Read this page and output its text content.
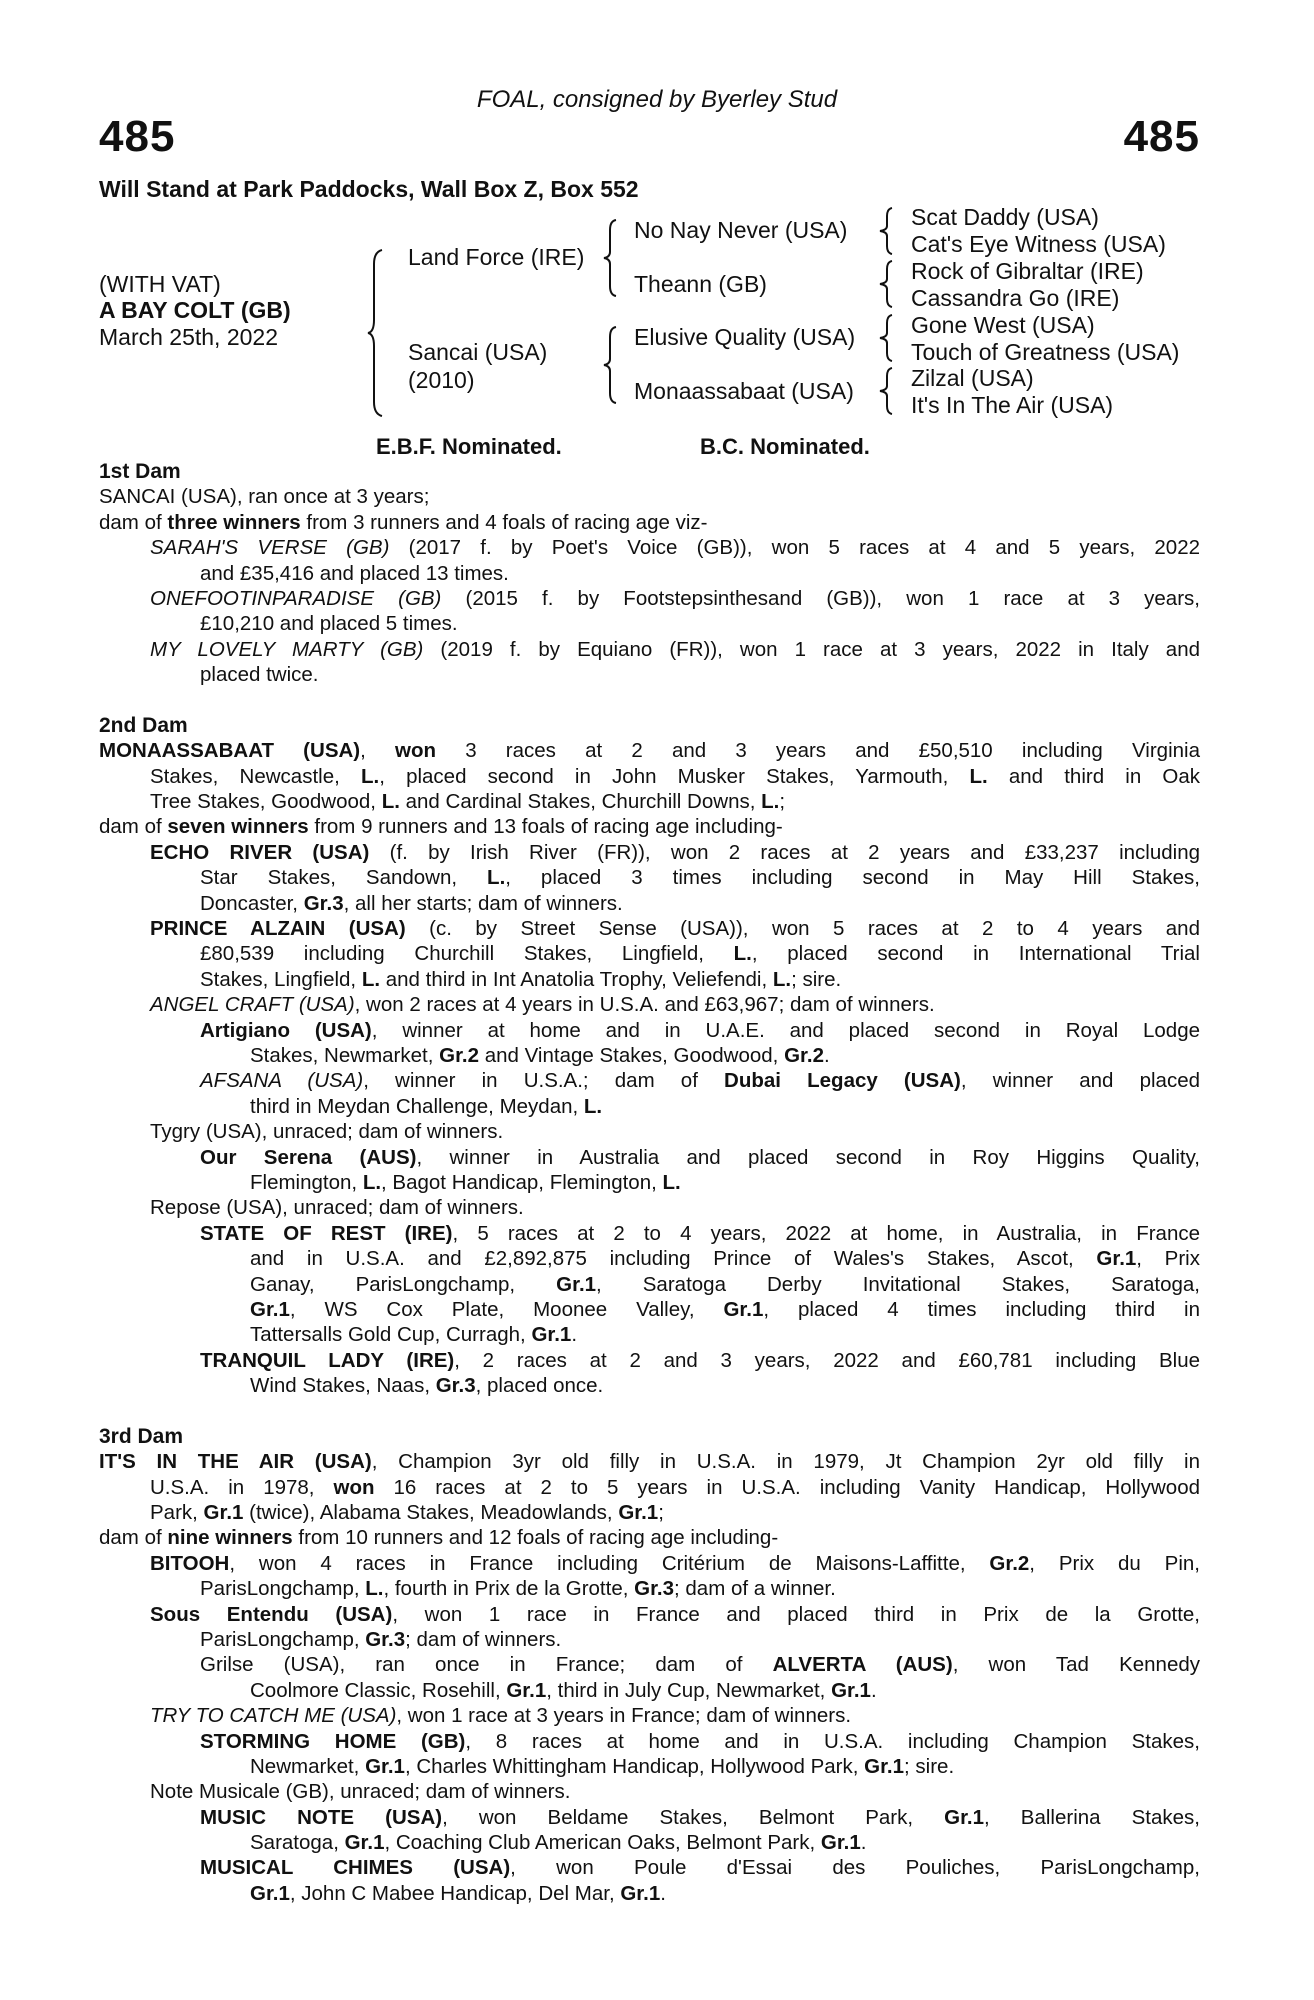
FOAL, consigned by Byerley Stud
485	485
Will Stand at Park Paddocks, Wall Box Z, Box 552
(WITH VAT)
A BAY COLT (GB)
March 25th, 2022
Land Force (IRE)
Sancai (USA)
(2010)
No Nay Never (USA)
Theann (GB)
Elusive Quality (USA)
Monaassabaat (USA)
Scat Daddy (USA)
Cat's Eye Witness (USA)
Rock of Gibraltar (IRE)
Cassandra Go (IRE)
Gone West (USA)
Touch of Greatness (USA)
Zilzal (USA)
It's In The Air (USA)
E.B.F. Nominated.	B.C. Nominated.
1st Dam
SANCAI (USA), ran once at 3 years;
dam of three winners from 3 runners and 4 foals of racing age viz-
SARAH'S VERSE (GB) (2017 f. by Poet's Voice (GB)), won 5 races at 4 and 5 years, 2022
and £35,416 and placed 13 times.
ONEFOOTINPARADISE (GB) (2015 f. by Footstepsinthesand (GB)), won 1 race at 3 years,
£10,210 and placed 5 times.
MY LOVELY MARTY (GB) (2019 f. by Equiano (FR)), won 1 race at 3 years, 2022 in Italy and
placed twice.
2nd Dam
MONAASSABAAT (USA), won 3 races at 2 and 3 years and £50,510 including Virginia
Stakes, Newcastle, L., placed second in John Musker Stakes, Yarmouth, L. and third in Oak
Tree Stakes, Goodwood, L. and Cardinal Stakes, Churchill Downs, L.;
dam of seven winners from 9 runners and 13 foals of racing age including-
ECHO RIVER (USA) (f. by Irish River (FR)), won 2 races at 2 years and £33,237 including
Star Stakes, Sandown, L., placed 3 times including second in May Hill Stakes,
Doncaster, Gr.3, all her starts; dam of winners.
PRINCE ALZAIN (USA) (c. by Street Sense (USA)), won 5 races at 2 to 4 years and
£80,539 including Churchill Stakes, Lingfield, L., placed second in International Trial
Stakes, Lingfield, L. and third in Int Anatolia Trophy, Veliefendi, L.; sire.
ANGEL CRAFT (USA), won 2 races at 4 years in U.S.A. and £63,967; dam of winners.
Artigiano (USA), winner at home and in U.A.E. and placed second in Royal Lodge
Stakes, Newmarket, Gr.2 and Vintage Stakes, Goodwood, Gr.2.
AFSANA (USA), winner in U.S.A.; dam of Dubai Legacy (USA), winner and placed
third in Meydan Challenge, Meydan, L.
Tygry (USA), unraced; dam of winners.
Our Serena (AUS), winner in Australia and placed second in Roy Higgins Quality,
Flemington, L., Bagot Handicap, Flemington, L.
Repose (USA), unraced; dam of winners.
STATE OF REST (IRE), 5 races at 2 to 4 years, 2022 at home, in Australia, in France
and in U.S.A. and £2,892,875 including Prince of Wales's Stakes, Ascot, Gr.1, Prix
Ganay, ParisLongchamp, Gr.1, Saratoga Derby Invitational Stakes, Saratoga,
Gr.1, WS Cox Plate, Moonee Valley, Gr.1, placed 4 times including third in
Tattersalls Gold Cup, Curragh, Gr.1.
TRANQUIL LADY (IRE), 2 races at 2 and 3 years, 2022 and £60,781 including Blue
Wind Stakes, Naas, Gr.3, placed once.
3rd Dam
IT'S IN THE AIR (USA), Champion 3yr old filly in U.S.A. in 1979, Jt Champion 2yr old filly in
U.S.A. in 1978, won 16 races at 2 to 5 years in U.S.A. including Vanity Handicap, Hollywood
Park, Gr.1 (twice), Alabama Stakes, Meadowlands, Gr.1;
dam of nine winners from 10 runners and 12 foals of racing age including-
BITOOH, won 4 races in France including Critérium de Maisons-Laffitte, Gr.2, Prix du Pin,
ParisLongchamp, L., fourth in Prix de la Grotte, Gr.3; dam of a winner.
Sous Entendu (USA), won 1 race in France and placed third in Prix de la Grotte,
ParisLongchamp, Gr.3; dam of winners.
Grilse (USA), ran once in France; dam of ALVERTA (AUS), won Tad Kennedy
Coolmore Classic, Rosehill, Gr.1, third in July Cup, Newmarket, Gr.1.
TRY TO CATCH ME (USA), won 1 race at 3 years in France; dam of winners.
STORMING HOME (GB), 8 races at home and in U.S.A. including Champion Stakes,
Newmarket, Gr.1, Charles Whittingham Handicap, Hollywood Park, Gr.1; sire.
Note Musicale (GB), unraced; dam of winners.
MUSIC NOTE (USA), won Beldame Stakes, Belmont Park, Gr.1, Ballerina Stakes,
Saratoga, Gr.1, Coaching Club American Oaks, Belmont Park, Gr.1.
MUSICAL CHIMES (USA), won Poule d'Essai des Pouliches, ParisLongchamp,
Gr.1, John C Mabee Handicap, Del Mar, Gr.1.
